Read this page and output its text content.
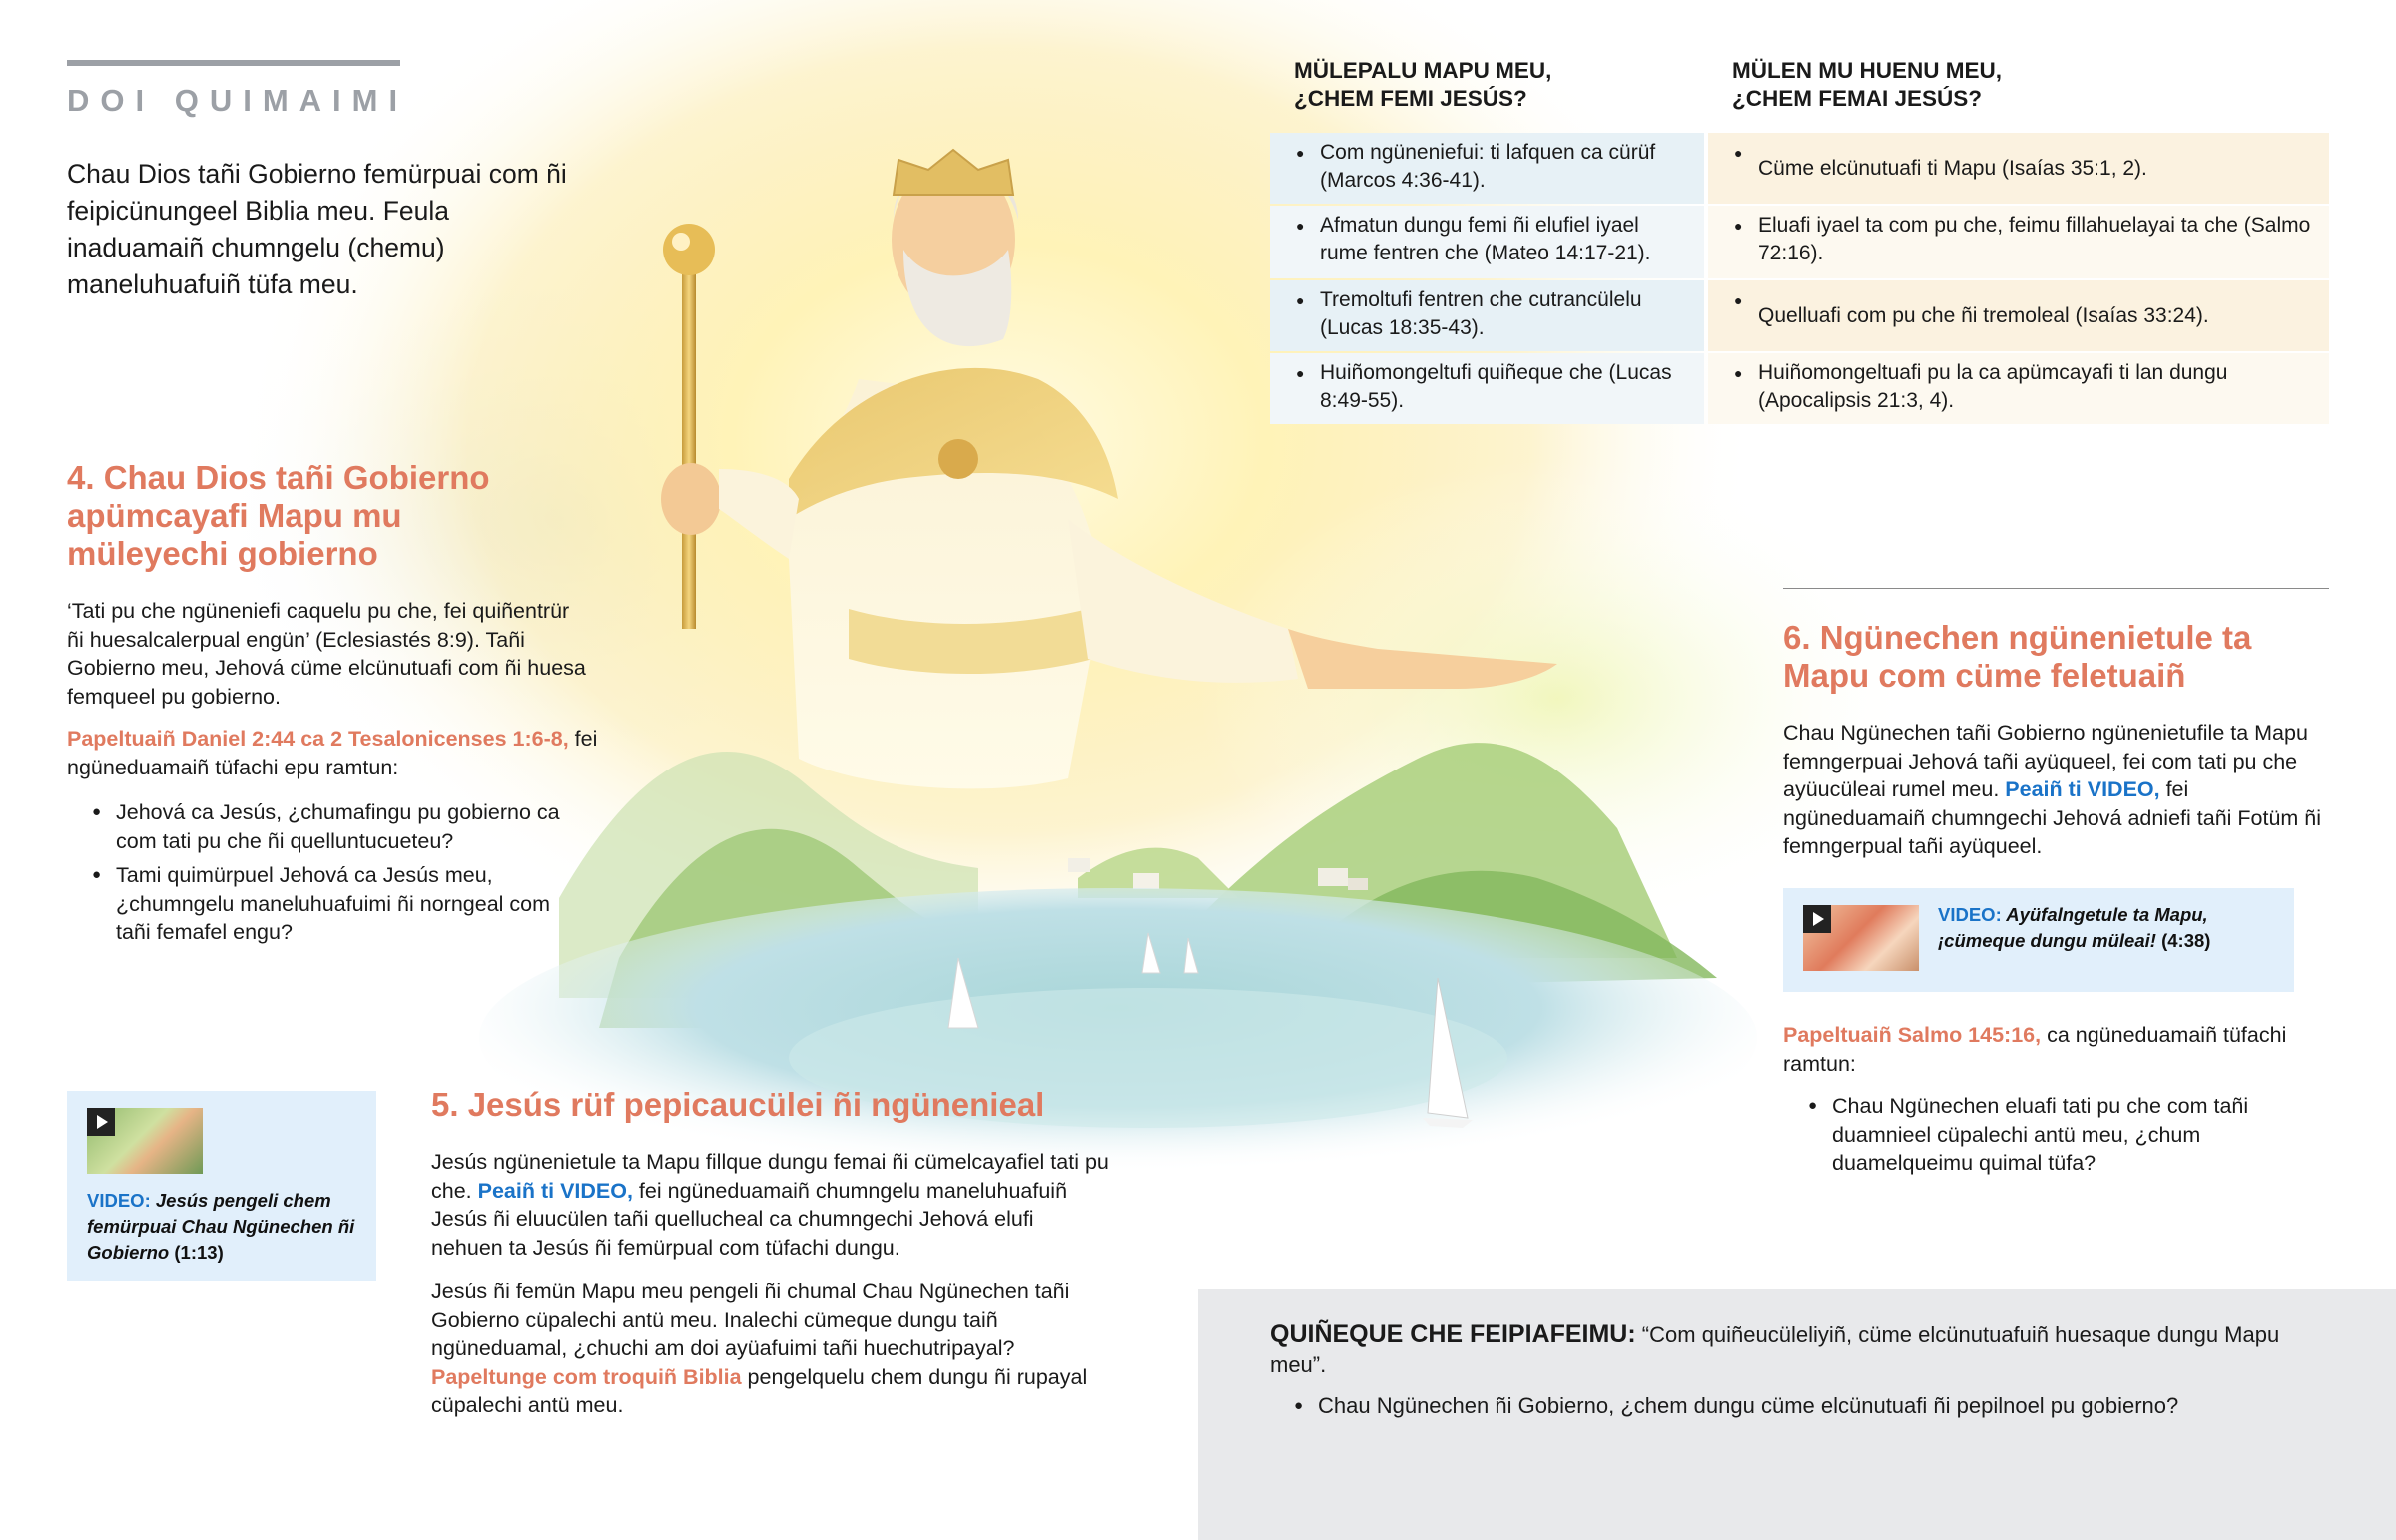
DOI QUIMAIMI
Chau Dios tañi Gobierno femürpuai com ñi feipicünungeel Biblia meu. Feula inaduamaiñ chumngelu (chemu) maneluhuafuiñ tüfa meu.
4. Chau Dios tañi Gobierno apümcayafi Mapu mu müleyechi gobierno
‘Tati pu che ngüneniefi caquelu pu che, fei quiñentrür ñi huesalcalerpual engün’ (Eclesiastés 8:9). Tañi Gobierno meu, Jehová cüme elcünutuafi com ñi huesa femqueel pu gobierno.
Papeltuaiñ Daniel 2:44 ca 2 Tesalonicenses 1:6-8, fei ngüneduamaiñ tüfachi epu ramtun:
● Jehová ca Jesús, ¿chumafingu pu gobierno ca com tati pu che ñi quelluntucueteu?
● Tami quimürpuel Jehová ca Jesús meu, ¿chumngelu maneluhuafuimi ñi norngeal com tañi femafel engu?
VIDEO: Jesús pengeli chem femürpuai Chau Ngünechen ñi Gobierno (1:13)
5. Jesús rüf pepicaucülei ñi ngünenieal
Jesús ngünenietule ta Mapu fillque dungu femai ñi cümelcayafiel tati pu che. Peaiñ ti VIDEO, fei ngüneduamaiñ chumngelu maneluhuafuiñ Jesús ñi eluucülen tañi quellucheal ca chumngechi Jehová elufi nehuen ta Jesús ñi femürpual com tüfachi dungu.
Jesús ñi femün Mapu meu pengeli ñi chumal Chau Ngünechen tañi Gobierno cüpalechi antü meu. Inalechi cümeque dungu taiñ ngüneduamal, ¿chuchi am doi ayüafuimi tañi huechutripayal? Papeltunge com troquiñ Biblia pengelquelu chem dungu ñi rupayal cüpalechi antü meu.
MÜLEPALU MAPU MEU, ¿CHEM FEMI JESÚS?
MÜLEN MU HUENU MEU, ¿CHEM FEMAI JESÚS?
● Com ngüneniefui: ti lafquen ca cürüf (Marcos 4:36-41).
● Afmatun dungu femi ñi elufiel iyael rume fentren che (Mateo 14:17-21).
● Tremoltufi fentren che cutrancülelu (Lucas 18:35-43).
● Huiñomongeltufi quiñeque che (Lucas 8:49-55).
● Cüme elcünutuafi ti Mapu (Isaías 35:1, 2).
● Eluafi iyael ta com pu che, feimu fillahuelayai ta che (Salmo 72:16).
● Quelluafi com pu che ñi tremoleal (Isaías 33:24).
● Huiñomongeltuafi pu la ca apümcayafi ti lan dungu (Apocalipsis 21:3, 4).
6. Ngünechen ngünenietule ta Mapu com cüme feletuaiñ
Chau Ngünechen tañi Gobierno ngünenietufile ta Mapu femngerpuai Jehová tañi ayüqueel, fei com tati pu che ayüucüleai rumel meu. Peaiñ ti VIDEO, fei ngüneduamaiñ chumngechi Jehová adniefi tañi Fotüm ñi femngerpual tañi ayüqueel.
VIDEO: Ayüfalngetule ta Mapu, ¡cümeque dungu müleai! (4:38)
Papeltuaiñ Salmo 145:16, ca ngüneduamaiñ tüfachi ramtun:
● Chau Ngünechen eluafi tati pu che com tañi duamnieel cüpalechi antü meu, ¿chum duamelqueimu quimal tüfa?
QUIÑEQUE CHE FEIPIAFEIMU: “Com quiñeucüleliyiñ, cüme elcünutuafuiñ huesaque dungu Mapu meu”.
● Chau Ngünechen ñi Gobierno, ¿chem dungu cüme elcünutuafi ñi pepilnoel pu gobierno?
